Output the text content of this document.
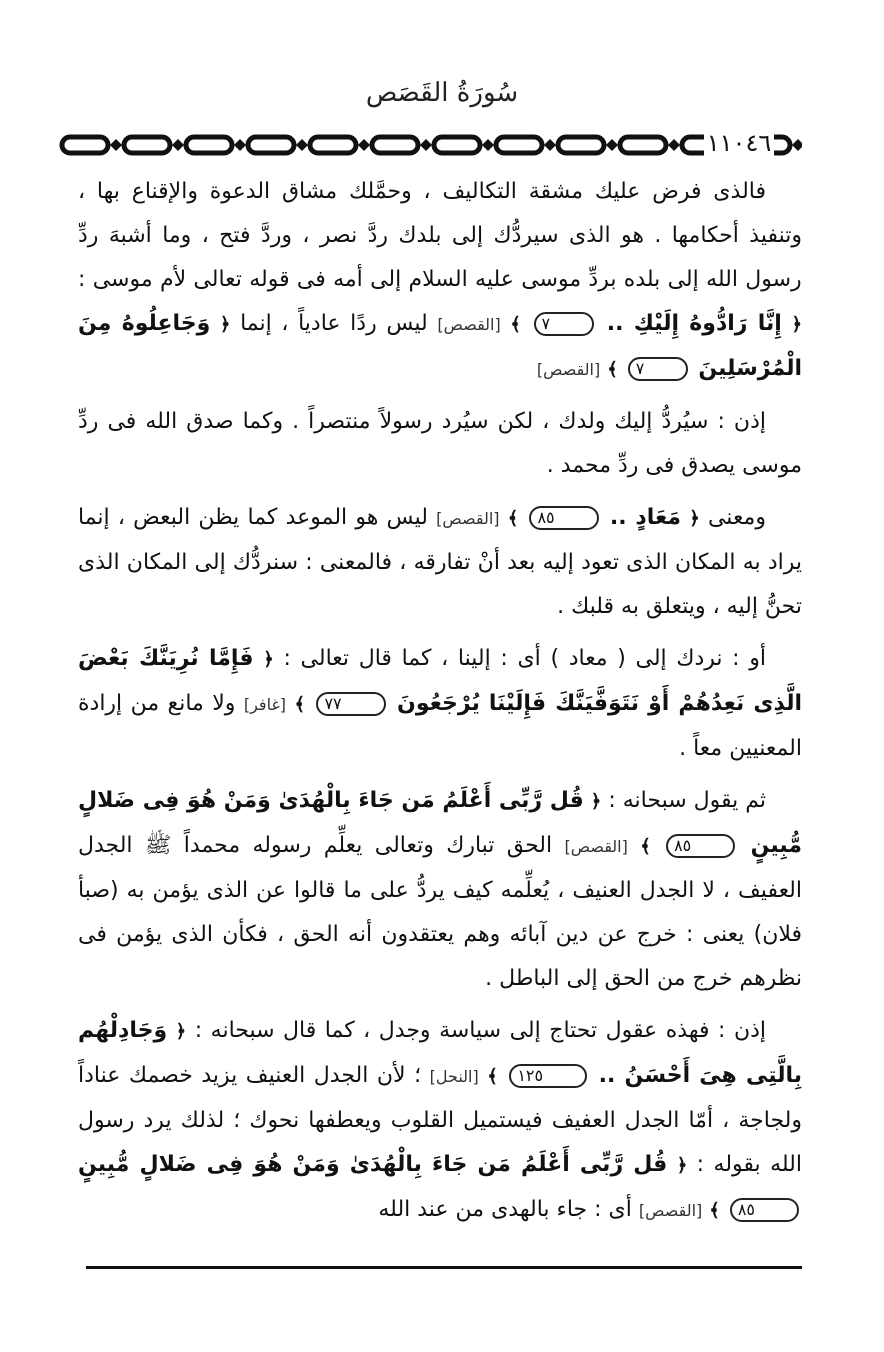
سُورَةُ القَصَص
١١٠٤٦

فالذى فرض عليك مشقة التكاليف ، وحمَّلك مشاق الدعوة والإقناع بها ، وتنفيذ أحكامها . هو الذى سيردُّك إلى بلدك ردَّ نصر ، وردَّ فتح ، وما أشبهَ ردِّ رسول الله إلى بلده بردِّ موسى عليه السلام إلى أمه فى قوله تعالى لأم موسى : ﴿ إِنَّا رَادُّوهُ إِلَيْكِ .. ٧ ﴾ [القصص] ليس ردًا عادياً ، إنما ﴿ وَجَاعِلُوهُ مِنَ الْمُرْسَلِينَ ٧ ﴾ [القصص]

إذن : سيُردُّ إليك ولدك ، لكن سيُرد رسولاً منتصراً . وكما صدق الله فى ردِّ موسى يصدق فى ردِّ محمد .

ومعنى ﴿ مَعَادٍ .. ٨٥ ﴾ [القصص] ليس هو الموعد كما يظن البعض ، إنما يراد به المكان الذى تعود إليه بعد أنْ تفارقه ، فالمعنى : سنردُّك إلى المكان الذى تحنُّ إليه ، ويتعلق به قلبك .

أو : نردك إلى ( معاد ) أى : إلينا ، كما قال تعالى : ﴿ فَإِمَّا نُرِيَنَّكَ بَعْضَ الَّذِى نَعِدُهُمْ أَوْ نَتَوَفَّيَنَّكَ فَإِلَيْنَا يُرْجَعُونَ ٧٧ ﴾ [غافر] ولا مانع من إرادة المعنيين معاً .

ثم يقول سبحانه : ﴿ قُل رَّبِّى أَعْلَمُ مَن جَاءَ بِالْهُدَىٰ وَمَنْ هُوَ فِى ضَلالٍ مُّبِينٍ ٨٥ ﴾ [القصص] الحق تبارك وتعالى يعلِّم رسوله محمداً ﷺ الجدل العفيف ، لا الجدل العنيف ، يُعلِّمه كيف يردُّ على ما قالوا عن الذى يؤمن به (صبأ فلان) يعنى : خرج عن دين آبائه وهم يعتقدون أنه الحق ، فكأن الذى يؤمن فى نظرهم خرج من الحق إلى الباطل .

إذن : فهذه عقول تحتاج إلى سياسة وجدل ، كما قال سبحانه : ﴿ وَجَادِلْهُم بِالَّتِى هِىَ أَحْسَنُ .. ١٢٥ ﴾ [النحل] ؛ لأن الجدل العنيف يزيد خصمك عناداً ولجاجة ، أمّا الجدل العفيف فيستميل القلوب ويعطفها نحوك ؛ لذلك يرد رسول الله بقوله : ﴿ قُل رَّبِّى أَعْلَمُ مَن جَاءَ بِالْهُدَىٰ وَمَنْ هُوَ فِى ضَلالٍ مُّبِينٍ ٨٥ ﴾ [القصص] أى : جاء بالهدى من عند الله
